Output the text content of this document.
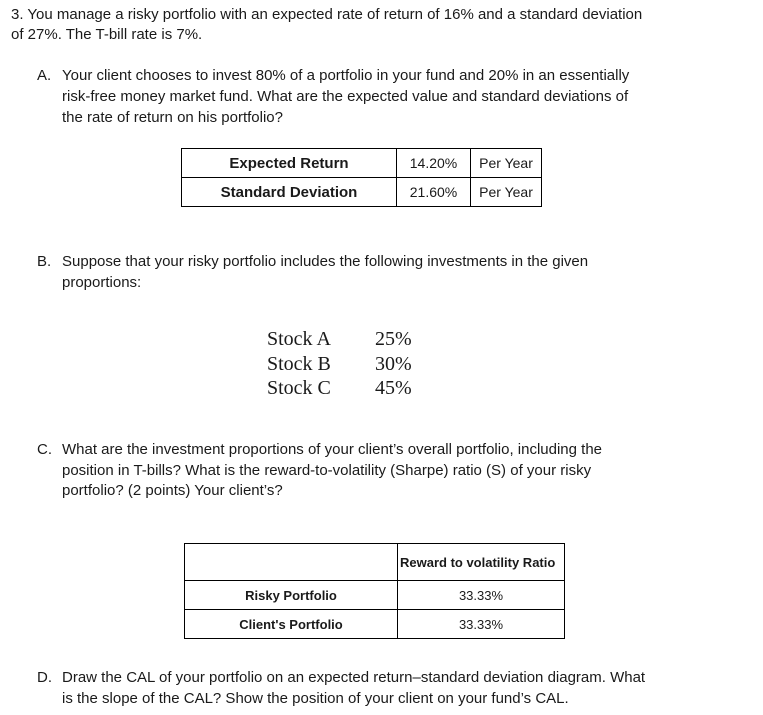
3. You manage a risky portfolio with an expected rate of return of 16% and a standard deviation
of 27%. The T-bill rate is 7%.
A. Your client chooses to invest 80% of a portfolio in your fund and 20% in an essentially
risk-free money market fund. What are the expected value and standard deviations of
the rate of return on his portfolio?
Expected Return	14.20%	Per Year
Standard Deviation	21.60%	Per Year
B. Suppose that your risky portfolio includes the following investments in the given
proportions:
Stock A 25%
Stock B 30%
Stock C 45%
C. What are the investment proportions of your client’s overall portfolio, including the
position in T-bills? What is the reward-to-volatility (Sharpe) ratio (S) of your risky
portfolio? (2 points) Your client’s?
	Reward to volatility Ratio
Risky Portfolio	33.33%
Client's Portfolio	33.33%
D. Draw the CAL of your portfolio on an expected return–standard deviation diagram. What
is the slope of the CAL? Show the position of your client on your fund’s CAL.
